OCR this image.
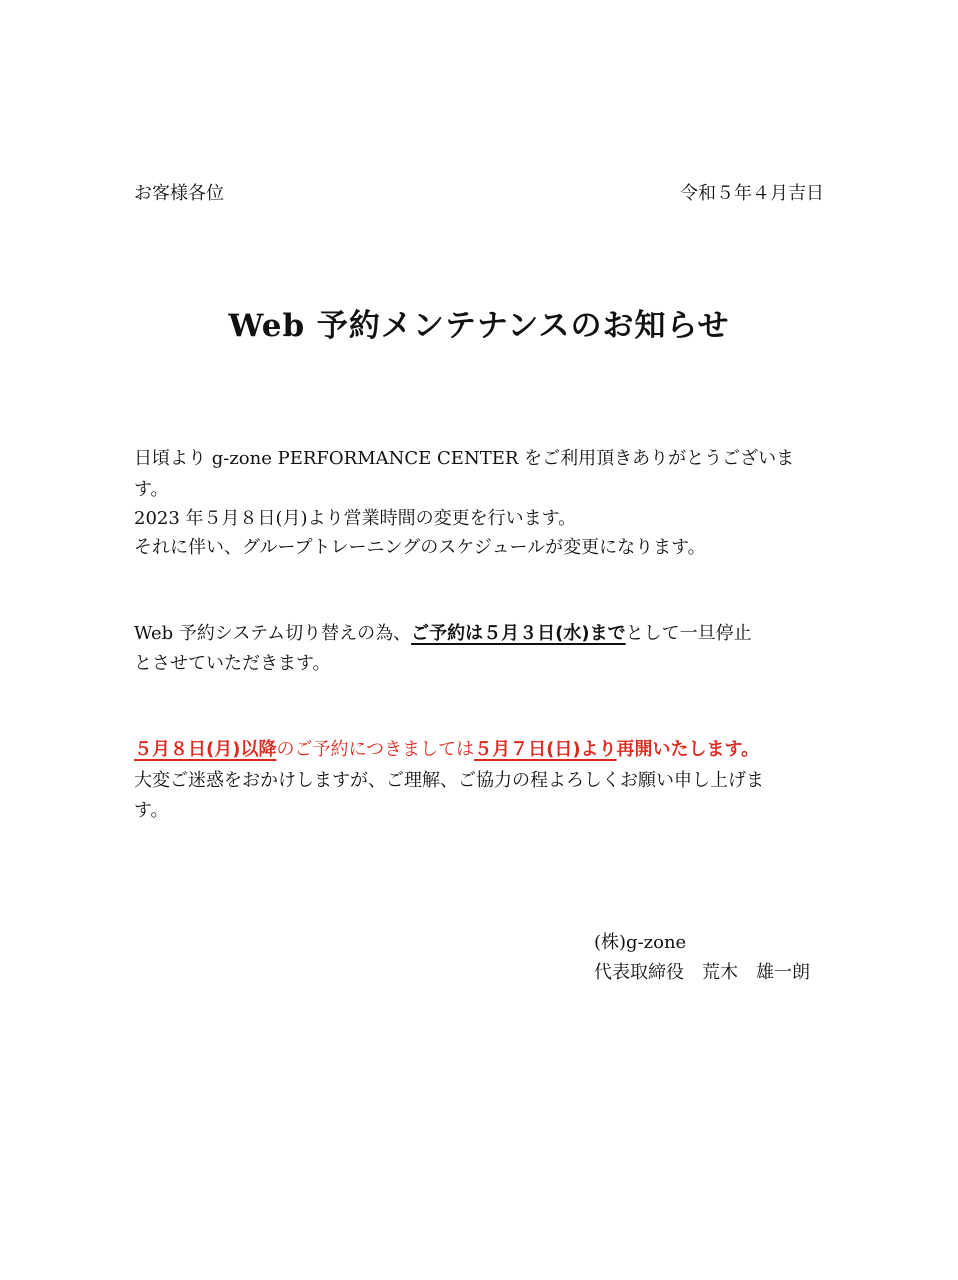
お客様各位	令和５年４月吉日
Web 予約メンテナンスのお知らせ
日頃より g-zone PERFORMANCE CENTER をご利用頂きありがとうございま
す。
2023 年５月８日(月)より営業時間の変更を行います。
それに伴い、グループトレーニングのスケジュールが変更になります。
Web 予約システム切り替えの為、ご予約は５月３日(水)までとして一旦停止
とさせていただきます。
５月８日(月)以降のご予約につきましては５月７日(日)より再開いたします。
大変ご迷惑をおかけしますが、ご理解、ご協力の程よろしくお願い申し上げま
す。
(株)g-zone
代表取締役　荒木　雄一朗
